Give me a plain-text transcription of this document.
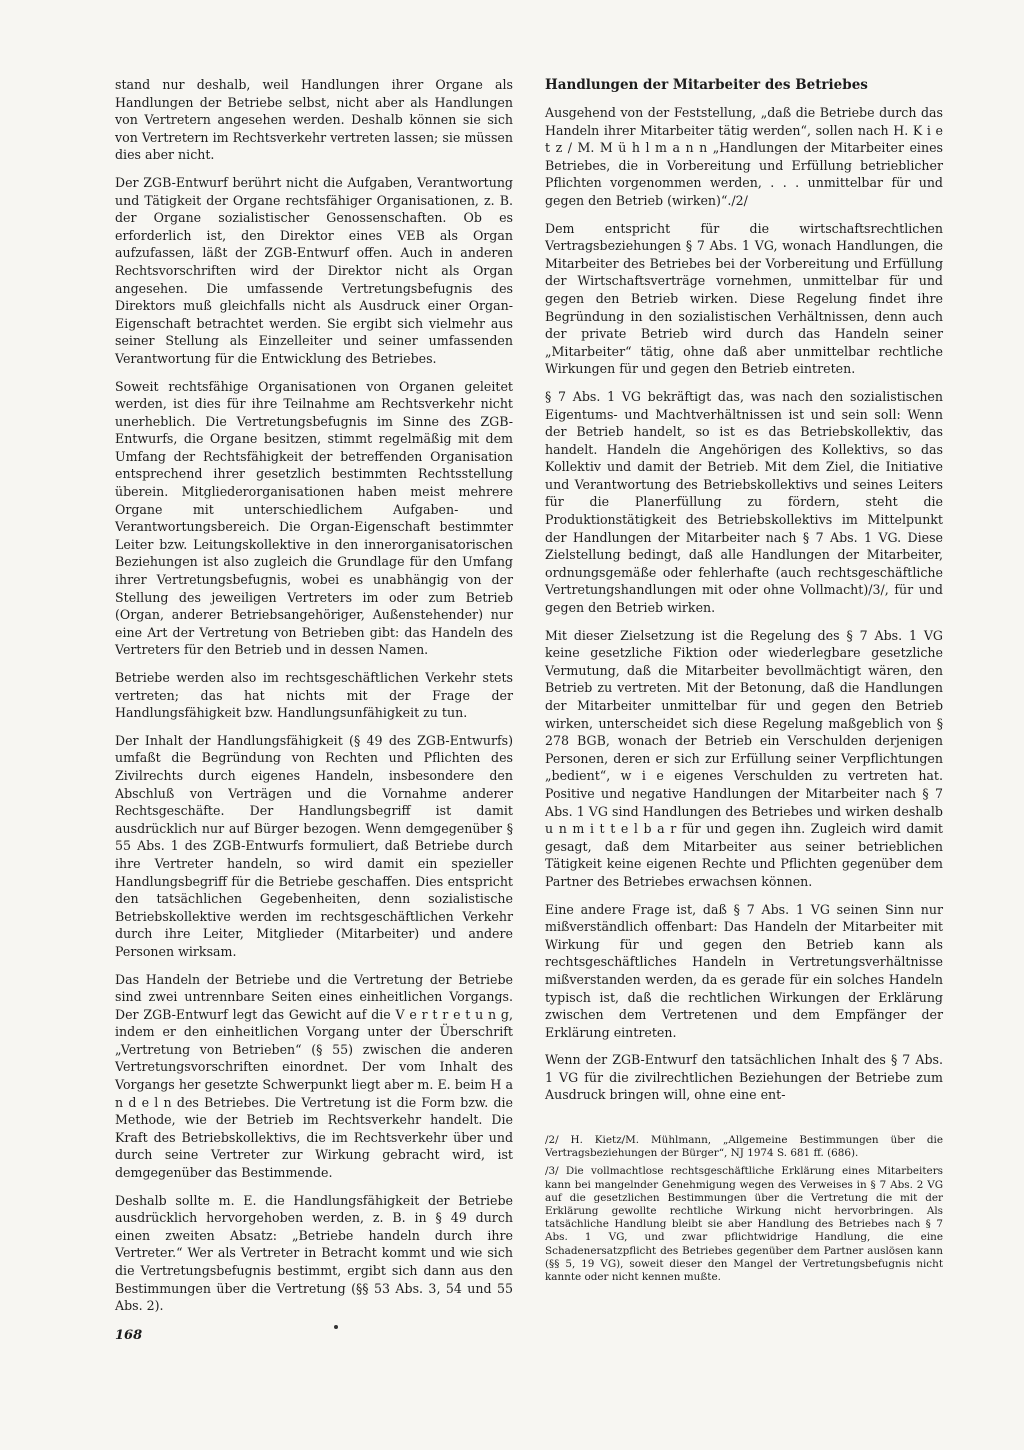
stand nur deshalb, weil Handlungen ihrer Organe als Handlungen der Betriebe selbst, nicht aber als Handlungen von Vertretern angesehen werden. Deshalb können sie sich von Vertretern im Rechtsverkehr vertreten lassen; sie müssen dies aber nicht.

Der ZGB-Entwurf berührt nicht die Aufgaben, Verantwortung und Tätigkeit der Organe rechtsfähiger Organisationen, z. B. der Organe sozialistischer Genossenschaften. Ob es erforderlich ist, den Direktor eines VEB als Organ aufzufassen, läßt der ZGB-Entwurf offen. Auch in anderen Rechtsvorschriften wird der Direktor nicht als Organ angesehen. Die umfassende Vertretungsbefugnis des Direktors muß gleichfalls nicht als Ausdruck einer Organ-Eigenschaft betrachtet werden. Sie ergibt sich vielmehr aus seiner Stellung als Einzelleiter und seiner umfassenden Verantwortung für die Entwicklung des Betriebes.

Soweit rechtsfähige Organisationen von Organen geleitet werden, ist dies für ihre Teilnahme am Rechtsverkehr nicht unerheblich. Die Vertretungsbefugnis im Sinne des ZGB-Entwurfs, die Organe besitzen, stimmt regelmäßig mit dem Umfang der Rechtsfähigkeit der betreffenden Organisation entsprechend ihrer gesetzlich bestimmten Rechtsstellung überein. Mitgliederorganisationen haben meist mehrere Organe mit unterschiedlichem Aufgaben- und Verantwortungsbereich. Die Organ-Eigenschaft bestimmter Leiter bzw. Leitungskollektive in den innerorganisatorischen Beziehungen ist also zugleich die Grundlage für den Umfang ihrer Vertretungsbefugnis, wobei es unabhängig von der Stellung des jeweiligen Vertreters im oder zum Betrieb (Organ, anderer Betriebsangehöriger, Außenstehender) nur eine Art der Vertretung von Betrieben gibt: das Handeln des Vertreters für den Betrieb und in dessen Namen.

Betriebe werden also im rechtsgeschäftlichen Verkehr stets vertreten; das hat nichts mit der Frage der Handlungsfähigkeit bzw. Handlungsunfähigkeit zu tun.

Der Inhalt der Handlungsfähigkeit (§ 49 des ZGB-Entwurfs) umfaßt die Begründung von Rechten und Pflichten des Zivilrechts durch eigenes Handeln, insbesondere den Abschluß von Verträgen und die Vornahme anderer Rechtsgeschäfte. Der Handlungsbegriff ist damit ausdrücklich nur auf Bürger bezogen. Wenn demgegenüber § 55 Abs. 1 des ZGB-Entwurfs formuliert, daß Betriebe durch ihre Vertreter handeln, so wird damit ein spezieller Handlungsbegriff für die Betriebe geschaffen. Dies entspricht den tatsächlichen Gegebenheiten, denn sozialistische Betriebskollektive werden im rechtsgeschäftlichen Verkehr durch ihre Leiter, Mitglieder (Mitarbeiter) und andere Personen wirksam.

Das Handeln der Betriebe und die Vertretung der Betriebe sind zwei untrennbare Seiten eines einheitlichen Vorgangs. Der ZGB-Entwurf legt das Gewicht auf die V e r t r e t u n g, indem er den einheitlichen Vorgang unter der Überschrift „Vertretung von Betrieben“ (§ 55) zwischen die anderen Vertretungsvorschriften einordnet. Der vom Inhalt des Vorgangs her gesetzte Schwerpunkt liegt aber m. E. beim H a n d e l n des Betriebes. Die Vertretung ist die Form bzw. die Methode, wie der Betrieb im Rechtsverkehr handelt. Die Kraft des Betriebskollektivs, die im Rechtsverkehr über und durch seine Vertreter zur Wirkung gebracht wird, ist demgegenüber das Bestimmende.

Deshalb sollte m. E. die Handlungsfähigkeit der Betriebe ausdrücklich hervorgehoben werden, z. B. in § 49 durch einen zweiten Absatz: „Betriebe handeln durch ihre Vertreter.“ Wer als Vertreter in Betracht kommt und wie sich die Vertretungsbefugnis bestimmt, ergibt sich dann aus den Bestimmungen über die Vertretung (§§ 53 Abs. 3, 54 und 55 Abs. 2).

Handlungen der Mitarbeiter des Betriebes

Ausgehend von der Feststellung, „daß die Betriebe durch das Handeln ihrer Mitarbeiter tätig werden“, sollen nach H. K i e t z / M. M ü h l m a n n „Handlungen der Mitarbeiter eines Betriebes, die in Vorbereitung und Erfüllung betrieblicher Pflichten vorgenommen werden, . . . unmittelbar für und gegen den Betrieb (wirken)“./2/

Dem entspricht für die wirtschaftsrechtlichen Vertragsbeziehungen § 7 Abs. 1 VG, wonach Handlungen, die Mitarbeiter des Betriebes bei der Vorbereitung und Erfüllung der Wirtschaftsverträge vornehmen, unmittelbar für und gegen den Betrieb wirken. Diese Regelung findet ihre Begründung in den sozialistischen Verhältnissen, denn auch der private Betrieb wird durch das Handeln seiner „Mitarbeiter“ tätig, ohne daß aber unmittelbar rechtliche Wirkungen für und gegen den Betrieb eintreten.

§ 7 Abs. 1 VG bekräftigt das, was nach den sozialistischen Eigentums- und Machtverhältnissen ist und sein soll: Wenn der Betrieb handelt, so ist es das Betriebskollektiv, das handelt. Handeln die Angehörigen des Kollektivs, so das Kollektiv und damit der Betrieb. Mit dem Ziel, die Initiative und Verantwortung des Betriebskollektivs und seines Leiters für die Planerfüllung zu fördern, steht die Produktionstätigkeit des Betriebskollektivs im Mittelpunkt der Handlungen der Mitarbeiter nach § 7 Abs. 1 VG. Diese Zielstellung bedingt, daß alle Handlungen der Mitarbeiter, ordnungsgemäße oder fehlerhafte (auch rechtsgeschäftliche Vertretungshandlungen mit oder ohne Vollmacht)/3/, für und gegen den Betrieb wirken.

Mit dieser Zielsetzung ist die Regelung des § 7 Abs. 1 VG keine gesetzliche Fiktion oder wiederlegbare gesetzliche Vermutung, daß die Mitarbeiter bevollmächtigt wären, den Betrieb zu vertreten. Mit der Betonung, daß die Handlungen der Mitarbeiter unmittelbar für und gegen den Betrieb wirken, unterscheidet sich diese Regelung maßgeblich von § 278 BGB, wonach der Betrieb ein Verschulden derjenigen Personen, deren er sich zur Erfüllung seiner Verpflichtungen „bedient“, w i e eigenes Verschulden zu vertreten hat. Positive und negative Handlungen der Mitarbeiter nach § 7 Abs. 1 VG sind Handlungen des Betriebes und wirken deshalb u n m i t t e l b a r für und gegen ihn. Zugleich wird damit gesagt, daß dem Mitarbeiter aus seiner betrieblichen Tätigkeit keine eigenen Rechte und Pflichten gegenüber dem Partner des Betriebes erwachsen können.

Eine andere Frage ist, daß § 7 Abs. 1 VG seinen Sinn nur mißverständlich offenbart: Das Handeln der Mitarbeiter mit Wirkung für und gegen den Betrieb kann als rechtsgeschäftliches Handeln in Vertretungsverhältnisse mißverstanden werden, da es gerade für ein solches Handeln typisch ist, daß die rechtlichen Wirkungen der Erklärung zwischen dem Vertretenen und dem Empfänger der Erklärung eintreten.

Wenn der ZGB-Entwurf den tatsächlichen Inhalt des § 7 Abs. 1 VG für die zivilrechtlichen Beziehungen der Betriebe zum Ausdruck bringen will, ohne eine ent-

/2/ H. Kietz/M. Mühlmann, „Allgemeine Bestimmungen über die Vertragsbeziehungen der Bürger“, NJ 1974 S. 681 ff. (686).

/3/ Die vollmachtlose rechtsgeschäftliche Erklärung eines Mitarbeiters kann bei mangelnder Genehmigung wegen des Verweises in § 7 Abs. 2 VG auf die gesetzlichen Bestimmungen über die Vertretung die mit der Erklärung gewollte rechtliche Wirkung nicht hervorbringen. Als tatsächliche Handlung bleibt sie aber Handlung des Betriebes nach § 7 Abs. 1 VG, und zwar pflichtwidrige Handlung, die eine Schadenersatzpflicht des Betriebes gegenüber dem Partner auslösen kann (§§ 5, 19 VG), soweit dieser den Mangel der Vertretungsbefugnis nicht kannte oder nicht kennen mußte.

168
